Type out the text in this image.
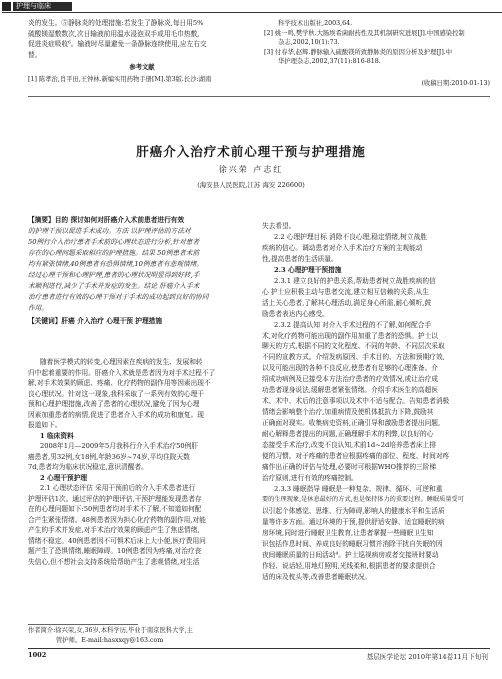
护理与临床
炎的发生。⑤静脉炎的处理措施:若发生了静脉炎,每日用5%
硫酸镁湿敷数次,次日输液前用温水浸泡双手或用毛巾热敷,
促进炎症吸收⁶。输液时尽量避免一条静脉连续使用,应左右交
替。
参考文献
[1] 陈孝治,肖平田,王钟林.新编实用药物手册[M].第3版.长沙:湖南
科学技术出版社,2003,64.
[2] 姚一鸣,樊学秋.大肠埃希菌耐药性及其机制研究进展[J].中国感染控制
杂志,2002,10(1):73.
[3] 付春华,赵辉.静脉输入硫酸镁所致静脉炎的原因分析及护理[J].中
华护理杂志,2002,37(11):816-818.
(收稿日期:2010-01-13)
肝癌介入治疗术前心理干预与护理措施
徐兴荣 卢志红
(海安县人民医院,江苏 海安 226600)
【摘要】目的 探讨如何对肝癌介入术前患者进行有效
的护理干预以促进手术成功。方法 以护理评估的方法对
50例行介入治疗患者手术前的心理状态进行分析,针对患者
存在的心理问题采取相应的护理措施。结果 50例患者术前
均有紧张情绪,40例患者有恐惧情绪,10例患者有悲观情绪。
经过心理干预和心理护理,患者的心理状况明显得到好转,手
术顺利进行,减少了手术并发症的发生。结论 肝癌介入手术
治疗患者进行有效的心理干预对于手术的成功起到良好的协同
作用。
【关键词】肝癌 介入治疗 心理干预 护理措施
随着医学模式的转变,心理因素在疾病的发生、发展和转
归中起着重要的作用。肝癌介入术就是患者因为对手术过程不了
解,对手术效果的顾虑、疼痛、化疗药物的副作用等因素出现不
良心理状况。针对这一现象,我科采取了一系列有效的心理干
预和心理护理措施,改善了患者的心理状况,避免了因为心理
因素加重患者的病情,促进了患者介入手术的成功和康复。现
报道如下。
1 临床资料
2008年1月—2009年5月我科行介入手术治疗50例肝
癌患者,男32例,女18例,年龄36岁~74岁,平均住院天数
7d,患者均为临床状况稳定,意识清醒者。
2 心理干预护理
2.1 心理状态评估 采用干预前后的介入手术患者进行
护理评估1次。通过评估的护理评估,干预护理能发现患者存
在的心理问题如下:50例患者均对手术不了解,不知道如何配
合产生紧张情绪。48例患者因为担心化疗药物的副作用,对能
产生的手术并发症,对手术治疗效果的顾虑产生了焦虑情绪,
情绪不稳定。40例患者因不可惧术后床上大小便,医疗费用问
题产生了恐惧情绪,睡眠障碍。10例患者因为疼痛,对治疗丧
失信心,但不想社会支持系统给帮助产生了悲观情绪,对生活
作者简介:徐兴荣,女,36岁,本科学历,毕业于南京医科大学,主
管护师。E-mail:hasxxqy@163.com
失去希望。
2.2 心理护理目标 消除不良心理,稳定情绪,树立战胜
疾病的信心。调动患者对介入手术治疗方案的主观能动
性,提高患者的生活质量。
2.3 心理护理干预措施
2.3.1 建立良好的护患关系,帮助患者树立战胜疾病的信
心 护士应积极主动与患者交流,建立相互信赖的关系,从生
活上关心患者,了解其心理活动,满足身心所需,耐心倾听,鼓
励患者表达内心感受。
2.3.2 提高认知 对介入手术过程的不了解,如何配合手
术,对化疗药物可能出现的副作用加重了患者的恐惧。护士以
聊天的方式,根据不同的文化程度、不同的年龄、不同层次采取
不同的宣教方式。介绍发病原因、手术目的、方法和预期疗效,
以及可能出现的各种不良反应,使患者有足够的心理准备。介
绍成功病例及已接受本方法治疗患者的疗效情况,或让治疗成
功患者现身说法,缓解患者紧张情绪。介绍手术医生的高超医
术、术中、术后的注意事项以及术中不适与配合。告知患者消极
情绪会影响整个治疗,加重病情及使机体抵抗力下降,鼓励其
正确面对现实。收集病史资料,正确引导和激励患者提出问题,
耐心解释患者提出的问题,正确理解手术的利弊,以良好的心
态接受手术治疗,改变不良认知,术前1d~2d培养患者床上排
便的习惯。对于疼痛的患者应根据疼痛的部位、程度、时间对疼
痛作出正确的评估与处理,必要时可根据WHO推荐的三阶梯
治疗原则,进行有效的疼痛控制。
2.3.3 睡眠指导 睡眠是一种复杂、规律、循环、可逆和重
要的生理现象,是休息最好的方式,也是保持体力的重要过程。睡眠质量受可
以引起个体感觉、思维、行为障碍,影响人的健康水平和生活质
量等许多方面。通过环境的干预,提供舒适安静、适宜睡眠的病
房环境,同时进行睡眠卫生教育,让患者掌握一些睡眠卫生知
识包括作息时间、养成良好的睡眠习惯并消除干扰自失眠的因
夜间睡眠质量的日间活动⁴。护士巡视病房或者交接班时要动
作轻、说话轻,用地灯照明,光线柔和,根据患者的要求提供合
适的床及枕头等,改善患者睡眠状况。
1002	基层医学论坛 2010年第14卷11月下旬刊
